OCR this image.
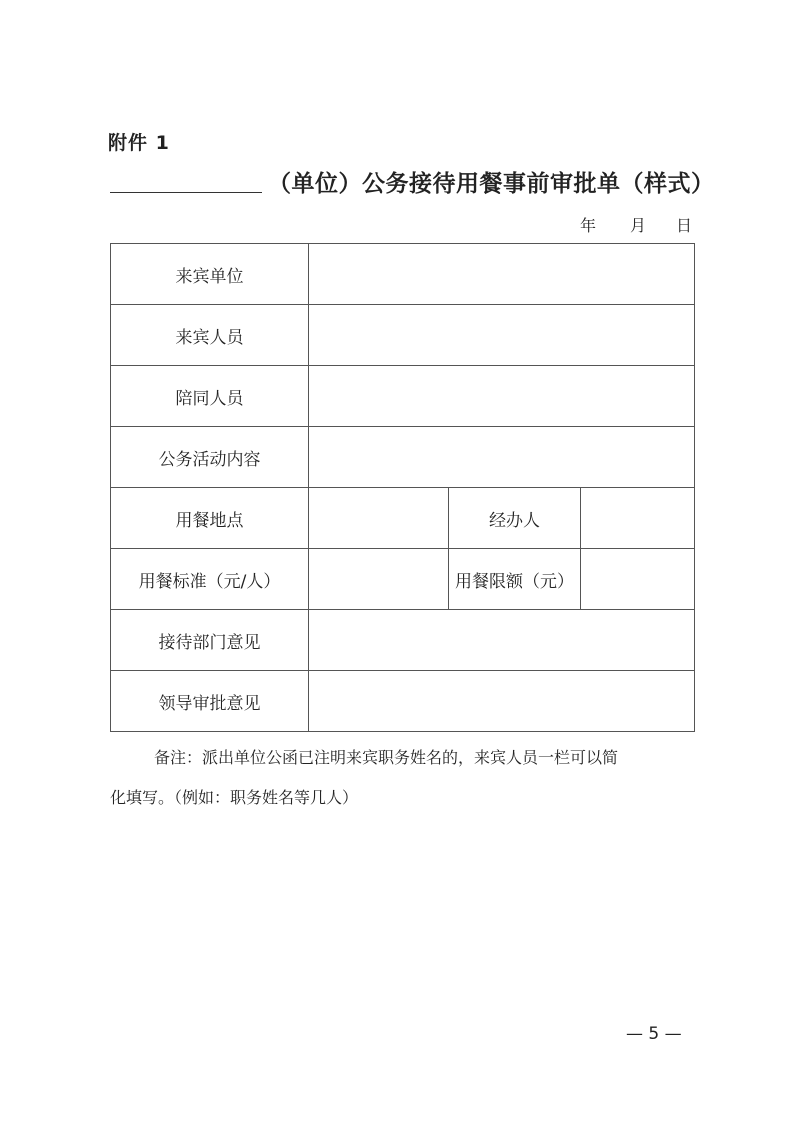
附件 1
（单位）公务接待用餐事前审批单（样式）
年 月 日
来宾单位			
来宾人员			
陪同人员			
公务活动内容			
用餐地点		经办人	
用餐标准（元/人）		用餐限额（元）	
接待部门意见			
领导审批意见			

备注：派出单位公函已注明来宾职务姓名的，来宾人员一栏可以简

化填写。（例如：职务姓名等几人）

— 5 —
